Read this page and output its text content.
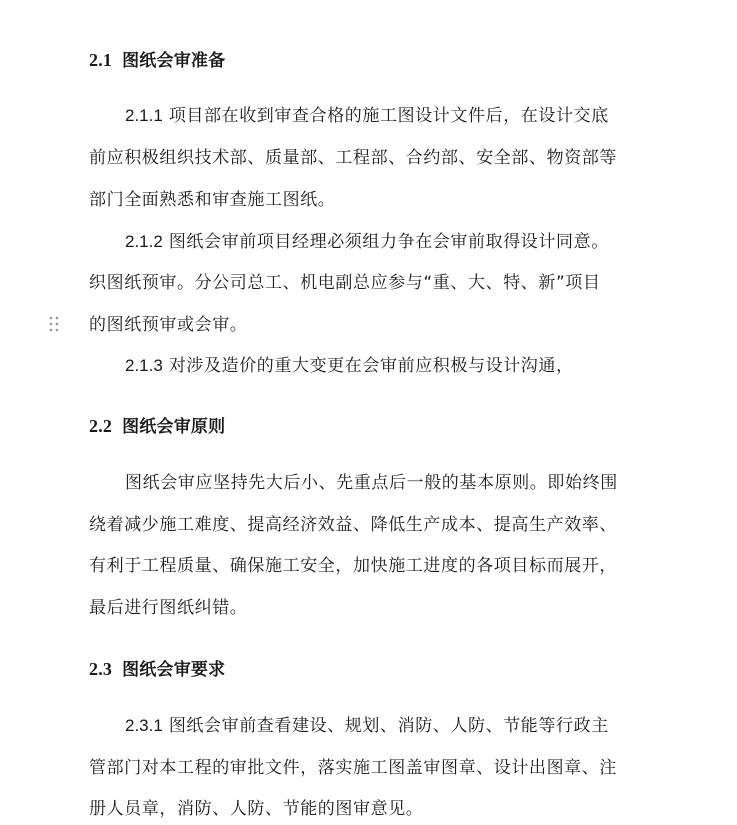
2.1 图纸会审准备
2.1.1 项目部在收到审查合格的施工图设计文件后，在设计交底
前应积极组织技术部、质量部、工程部、合约部、安全部、物资部等
部门全面熟悉和审查施工图纸。
2.1.2 图纸会审前项目经理必须组力争在会审前取得设计同意。
织图纸预审。分公司总工、机电副总应参与“重、大、特、新”项目
的图纸预审或会审。
2.1.3 对涉及造价的重大变更在会审前应积极与设计沟通，
2.2 图纸会审原则
图纸会审应坚持先大后小、先重点后一般的基本原则。即始终围
绕着减少施工难度、提高经济效益、降低生产成本、提高生产效率、
有利于工程质量、确保施工安全，加快施工进度的各项目标而展开，
最后进行图纸纠错。
2.3 图纸会审要求
2.3.1 图纸会审前查看建设、规划、消防、人防、节能等行政主
管部门对本工程的审批文件，落实施工图盖审图章、设计出图章、注
册人员章，消防、人防、节能的图审意见。
